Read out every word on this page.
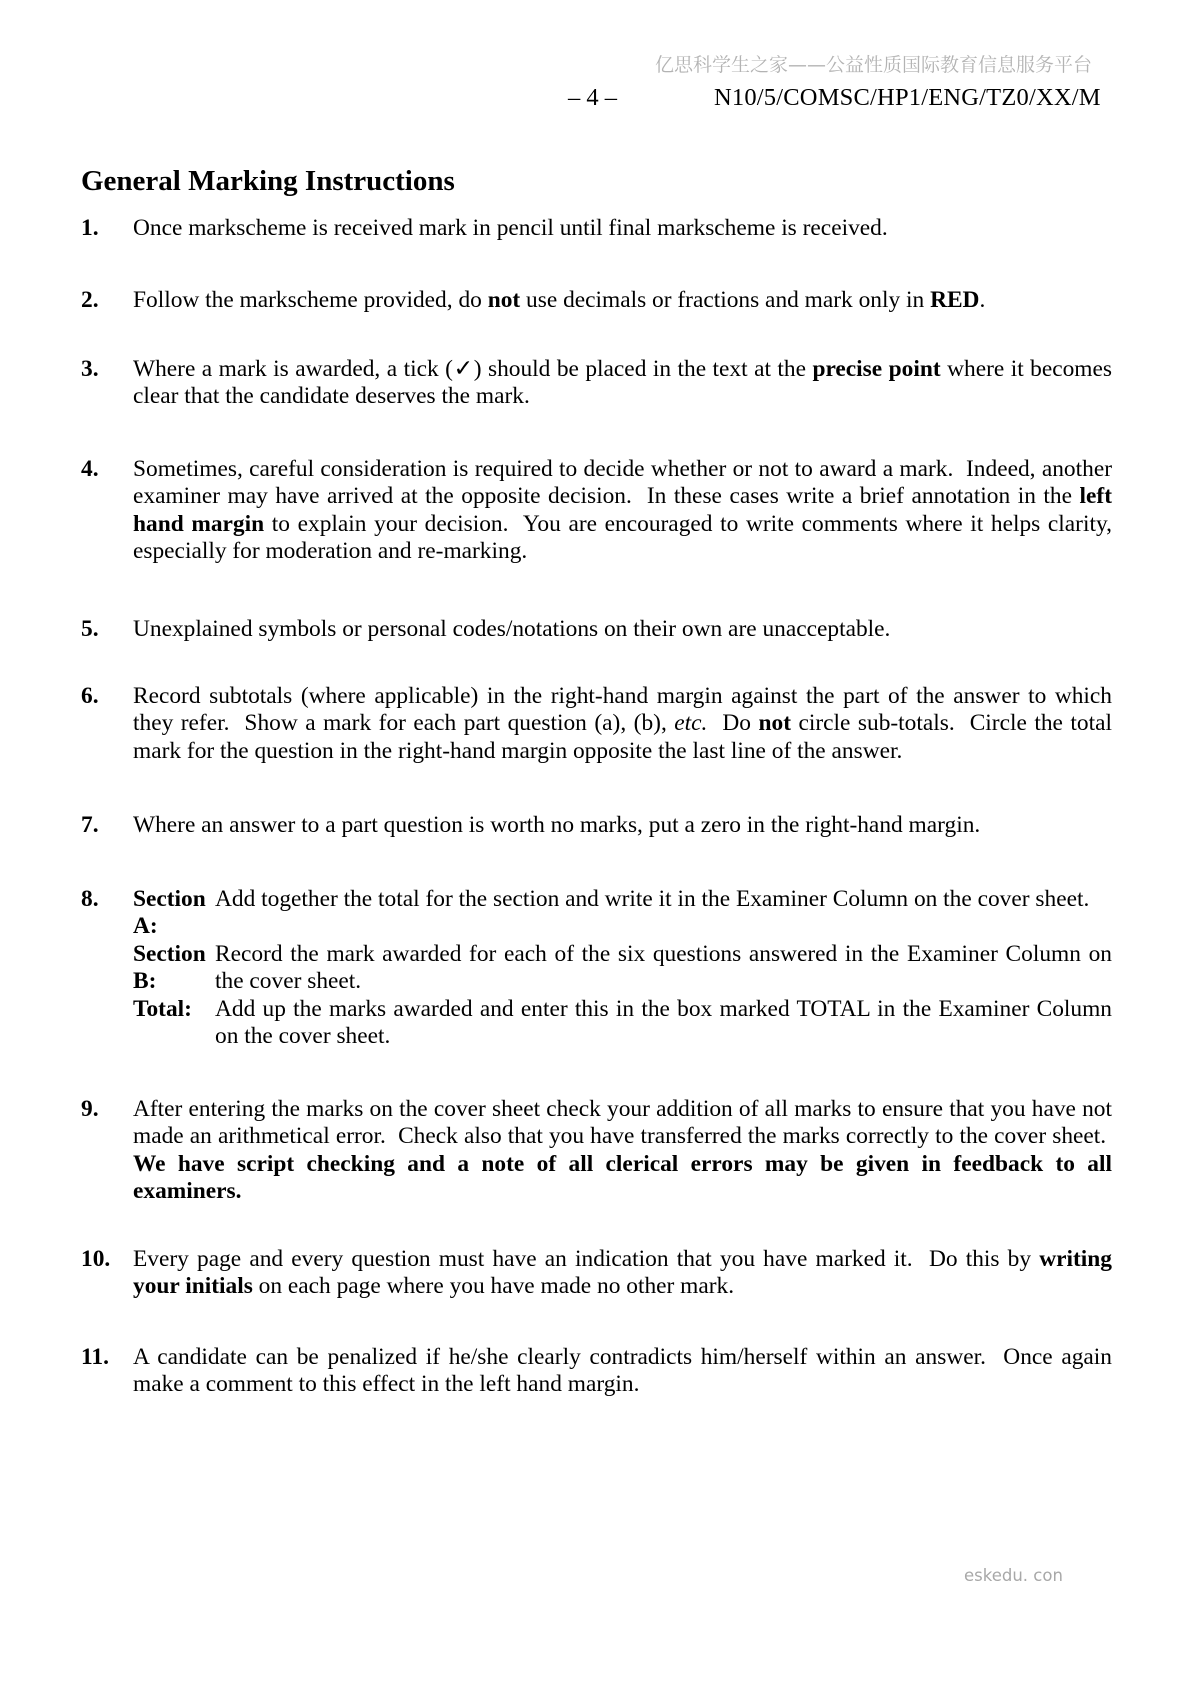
亿思科学生之家——公益性质国际教育信息服务平台
– 4 –	N10/5/COMSC/HP1/ENG/TZ0/XX/M
General Marking Instructions
1. Once markscheme is received mark in pencil until final markscheme is received.
2. Follow the markscheme provided, do not use decimals or fractions and mark only in RED.
3. Where a mark is awarded, a tick (✓) should be placed in the text at the precise point where it becomes clear that the candidate deserves the mark.
4. Sometimes, careful consideration is required to decide whether or not to award a mark.  Indeed, another examiner may have arrived at the opposite decision.  In these cases write a brief annotation in the left hand margin to explain your decision.  You are encouraged to write comments where it helps clarity, especially for moderation and re-marking.
5. Unexplained symbols or personal codes/notations on their own are unacceptable.
6. Record subtotals (where applicable) in the right-hand margin against the part of the answer to which they refer.  Show a mark for each part question (a), (b), etc.  Do not circle sub-totals.  Circle the total mark for the question in the right-hand margin opposite the last line of the answer.
7. Where an answer to a part question is worth no marks, put a zero in the right-hand margin.
8. Section A:
Add together the total for the section and write it in the Examiner Column on the cover sheet.
Section B:
Record the mark awarded for each of the six questions answered in the Examiner Column on the cover sheet.
Total: Add up the marks awarded and enter this in the box marked TOTAL in the Examiner Column on the cover sheet.
9. After entering the marks on the cover sheet check your addition of all marks to ensure that you have not made an arithmetical error.  Check also that you have transferred the marks correctly to the cover sheet.  We have script checking and a note of all clerical errors may be given in feedback to all examiners.
10. Every page and every question must have an indication that you have marked it.  Do this by writing your initials on each page where you have made no other mark.
11. A candidate can be penalized if he/she clearly contradicts him/herself within an answer.  Once again make a comment to this effect in the left hand margin.
eskedu. con
